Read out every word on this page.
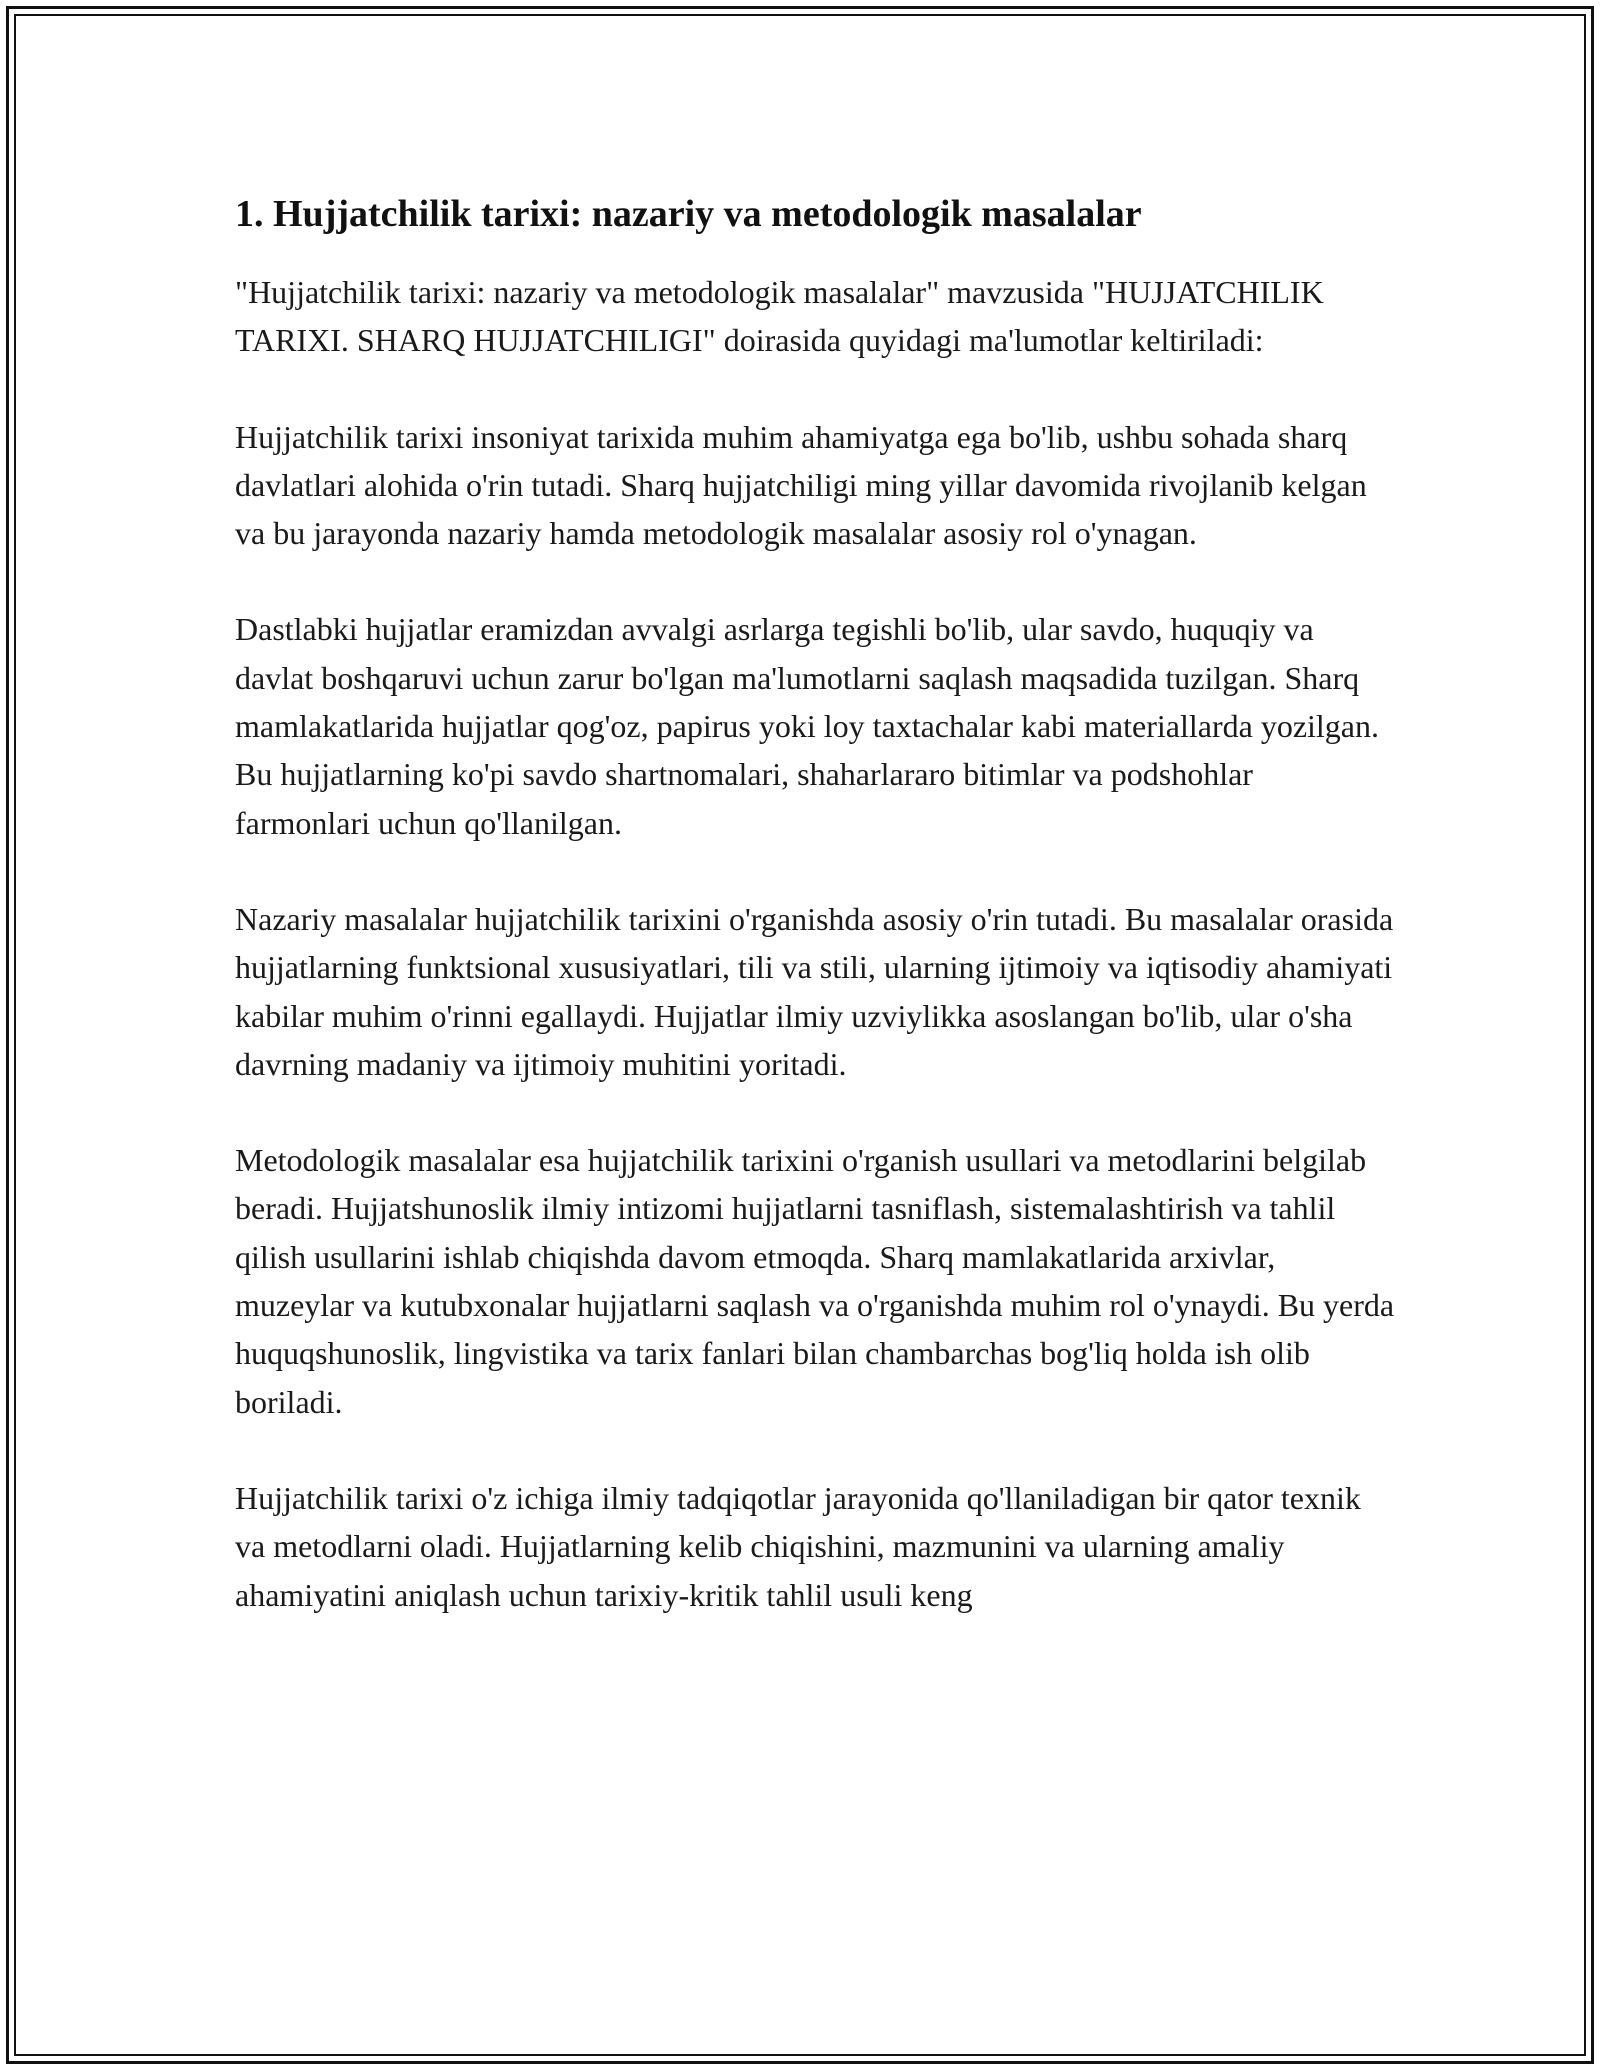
1. Hujjatchilik tarixi: nazariy va metodologik masalalar

"Hujjatchilik tarixi: nazariy va metodologik masalalar" mavzusida "HUJJATCHILIK TARIXI. SHARQ HUJJATCHILIGI" doirasida quyidagi ma'lumotlar keltiriladi:

Hujjatchilik tarixi insoniyat tarixida muhim ahamiyatga ega bo'lib, ushbu sohada sharq davlatlari alohida o'rin tutadi. Sharq hujjatchiligi ming yillar davomida rivojlanib kelgan va bu jarayonda nazariy hamda metodologik masalalar asosiy rol o'ynagan.

Dastlabki hujjatlar eramizdan avvalgi asrlarga tegishli bo'lib, ular savdo, huquqiy va davlat boshqaruvi uchun zarur bo'lgan ma'lumotlarni saqlash maqsadida tuzilgan. Sharq mamlakatlarida hujjatlar qog'oz, papirus yoki loy taxtachalar kabi materiallarda yozilgan. Bu hujjatlarning ko'pi savdo shartnomalari, shaharlararo bitimlar va podshohlar farmonlari uchun qo'llanilgan.

Nazariy masalalar hujjatchilik tarixini o'rganishda asosiy o'rin tutadi. Bu masalalar orasida hujjatlarning funktsional xususiyatlari, tili va stili, ularning ijtimoiy va iqtisodiy ahamiyati kabilar muhim o'rinni egallaydi. Hujjatlar ilmiy uzviylikka asoslangan bo'lib, ular o'sha davrning madaniy va ijtimoiy muhitini yoritadi.

Metodologik masalalar esa hujjatchilik tarixini o'rganish usullari va metodlarini belgilab beradi. Hujjatshunoslik ilmiy intizomi hujjatlarni tasniflash, sistemalashtirish va tahlil qilish usullarini ishlab chiqishda davom etmoqda. Sharq mamlakatlarida arxivlar, muzeylar va kutubxonalar hujjatlarni saqlash va o'rganishda muhim rol o'ynaydi. Bu yerda huquqshunoslik, lingvistika va tarix fanlari bilan chambarchas bog'liq holda ish olib boriladi.

Hujjatchilik tarixi o'z ichiga ilmiy tadqiqotlar jarayonida qo'llaniladigan bir qator texnik va metodlarni oladi. Hujjatlarning kelib chiqishini, mazmunini va ularning amaliy ahamiyatini aniqlash uchun tarixiy-kritik tahlil usuli keng
